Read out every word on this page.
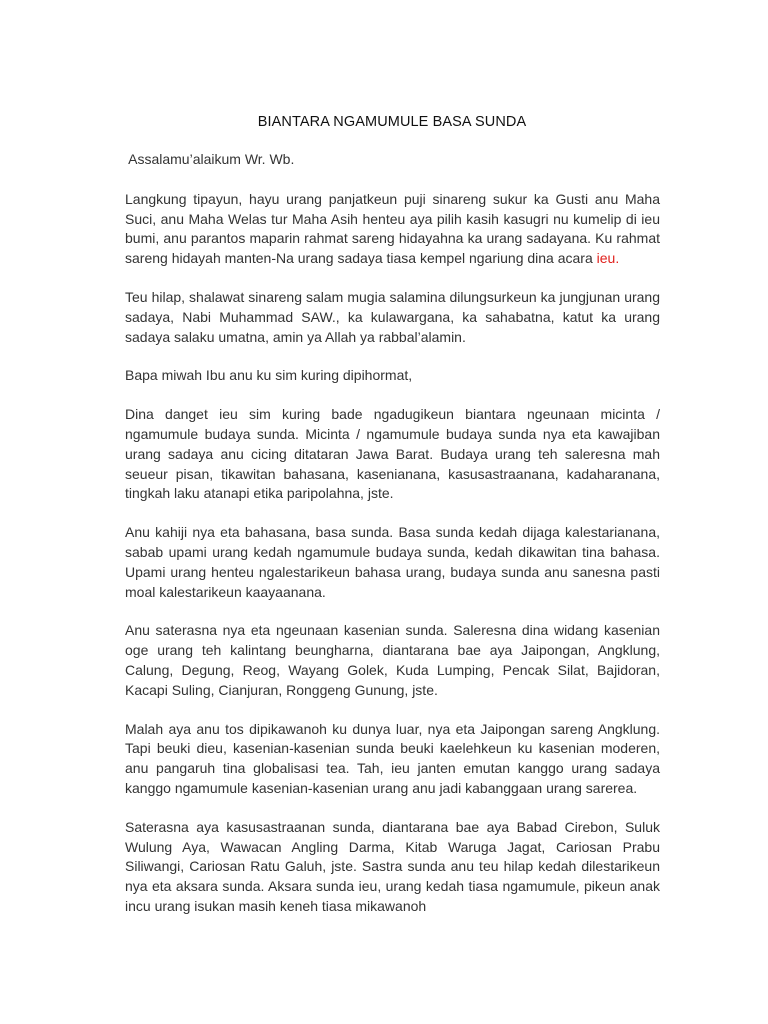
BIANTARA NGAMUMULE BASA SUNDA

Assalamu’alaikum Wr. Wb.

Langkung tipayun, hayu urang panjatkeun puji sinareng sukur ka Gusti anu Maha Suci, anu Maha Welas tur Maha Asih henteu aya pilih kasih kasugri nu kumelip di ieu bumi, anu parantos maparin rahmat sareng hidayahna ka urang sadayana. Ku rahmat sareng hidayah manten-Na urang sadaya tiasa kempel ngariung dina acara ieu.

Teu hilap, shalawat sinareng salam mugia salamina dilungsurkeun ka jungjunan urang sadaya, Nabi Muhammad SAW., ka kulawargana, ka sahabatna, katut ka urang sadaya salaku umatna, amin ya Allah ya rabbal’alamin.

Bapa miwah Ibu anu ku sim kuring dipihormat,

Dina danget ieu sim kuring bade ngadugikeun biantara ngeunaan micinta / ngamumule budaya sunda. Micinta / ngamumule budaya sunda nya eta kawajiban urang sadaya anu cicing ditataran Jawa Barat. Budaya urang teh saleresna mah seueur pisan, tikawitan bahasana, kasenianana, kasusastraanana, kadaharanana, tingkah laku atanapi etika paripolahna, jste.

Anu kahiji nya eta bahasana, basa sunda. Basa sunda kedah dijaga kalestarianana, sabab upami urang kedah ngamumule budaya sunda, kedah dikawitan tina bahasa. Upami urang henteu ngalestarikeun bahasa urang, budaya sunda anu sanesna pasti moal kalestarikeun kaayaanana.

Anu saterasna nya eta ngeunaan kasenian sunda. Saleresna dina widang kasenian oge urang teh kalintang beungharna, diantarana bae aya Jaipongan, Angklung, Calung, Degung, Reog, Wayang Golek, Kuda Lumping, Pencak Silat, Bajidoran, Kacapi Suling, Cianjuran, Ronggeng Gunung, jste.

Malah aya anu tos dipikawanoh ku dunya luar, nya eta Jaipongan sareng Angklung. Tapi beuki dieu, kasenian-kasenian sunda beuki kaelehkeun ku kasenian moderen, anu pangaruh tina globalisasi tea. Tah, ieu janten emutan kanggo urang sadaya kanggo ngamumule kasenian-kasenian urang anu jadi kabanggaan urang sarerea.

Saterasna aya kasusastraanan sunda, diantarana bae aya Babad Cirebon, Suluk Wulung Aya, Wawacan Angling Darma, Kitab Waruga Jagat, Cariosan Prabu Siliwangi, Cariosan Ratu Galuh, jste. Sastra sunda anu teu hilap kedah dilestarikeun nya eta aksara sunda. Aksara sunda ieu, urang kedah tiasa ngamumule, pikeun anak incu urang isukan masih keneh tiasa mikawanoh
